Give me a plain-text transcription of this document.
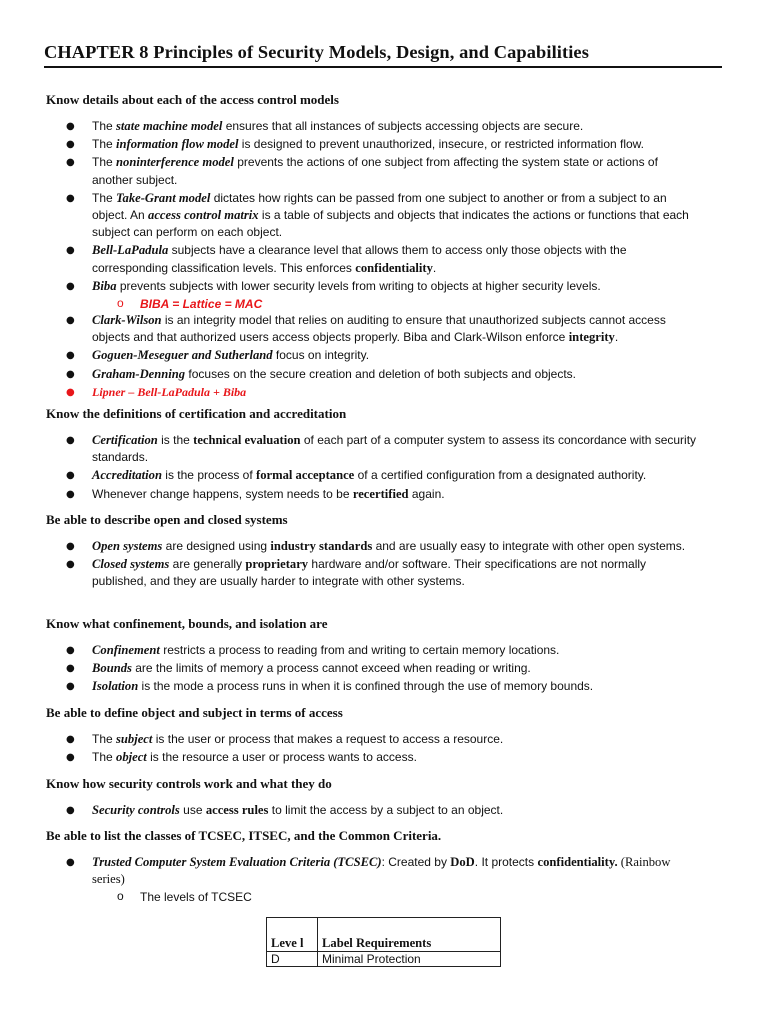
CHAPTER 8 Principles of Security Models, Design, and Capabilities
Know details about each of the access control models
● The state machine model ensures that all instances of subjects accessing objects are secure.
● The information flow model is designed to prevent unauthorized, insecure, or restricted information flow.
● The noninterference model prevents the actions of one subject from affecting the system state or actions of another subject.
● The Take-Grant model dictates how rights can be passed from one subject to another or from a subject to an object. An access control matrix is a table of subjects and objects that indicates the actions or functions that each subject can perform on each object.
● Bell-LaPadula subjects have a clearance level that allows them to access only those objects with the corresponding classification levels. This enforces confidentiality.
● Biba prevents subjects with lower security levels from writing to objects at higher security levels.
o BIBA = Lattice = MAC
● Clark-Wilson is an integrity model that relies on auditing to ensure that unauthorized subjects cannot access objects and that authorized users access objects properly. Biba and Clark-Wilson enforce integrity.
● Goguen-Meseguer and Sutherland focus on integrity.
● Graham-Denning focuses on the secure creation and deletion of both subjects and objects.
● Lipner – Bell-LaPadula + Biba
Know the definitions of certification and accreditation
● Certification is the technical evaluation of each part of a computer system to assess its concordance with security standards.
● Accreditation is the process of formal acceptance of a certified configuration from a designated authority.
● Whenever change happens, system needs to be recertified again.
Be able to describe open and closed systems
● Open systems are designed using industry standards and are usually easy to integrate with other open systems.
● Closed systems are generally proprietary hardware and/or software. Their specifications are not normally published, and they are usually harder to integrate with other systems.
Know what confinement, bounds, and isolation are
● Confinement restricts a process to reading from and writing to certain memory locations.
● Bounds are the limits of memory a process cannot exceed when reading or writing.
● Isolation is the mode a process runs in when it is confined through the use of memory bounds.
Be able to define object and subject in terms of access
● The subject is the user or process that makes a request to access a resource.
● The object is the resource a user or process wants to access.
Know how security controls work and what they do
● Security controls use access rules to limit the access by a subject to an object.
Be able to list the classes of TCSEC, ITSEC, and the Common Criteria.
● Trusted Computer System Evaluation Criteria (TCSEC): Created by DoD. It protects confidentiality. (Rainbow series)
o The levels of TCSEC
Leve l	Label Requirements
D	Minimal Protection
